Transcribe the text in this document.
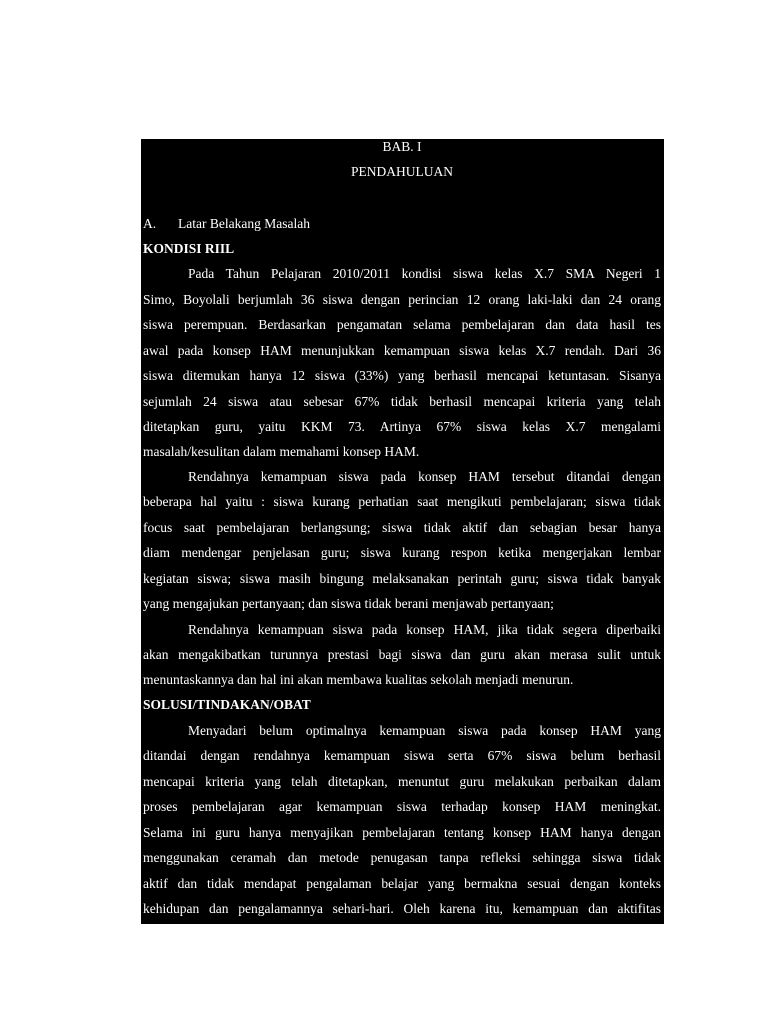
BAB. I
PENDAHULUAN
A. Latar Belakang Masalah
KONDISI RIIL
Pada Tahun Pelajaran 2010/2011 kondisi siswa kelas X.7 SMA Negeri 1
Simo, Boyolali berjumlah 36 siswa dengan perincian 12 orang laki-laki dan 24 orang
siswa perempuan. Berdasarkan pengamatan selama pembelajaran dan data hasil tes
awal pada konsep HAM menunjukkan kemampuan siswa kelas X.7 rendah. Dari 36
siswa ditemukan hanya 12 siswa (33%) yang berhasil mencapai ketuntasan. Sisanya
sejumlah 24 siswa atau sebesar 67% tidak berhasil mencapai kriteria yang telah
ditetapkan guru, yaitu KKM 73. Artinya 67% siswa kelas X.7 mengalami
masalah/kesulitan dalam memahami konsep HAM.
Rendahnya kemampuan siswa pada konsep HAM tersebut ditandai dengan
beberapa hal yaitu : siswa kurang perhatian saat mengikuti pembelajaran; siswa tidak
focus saat pembelajaran berlangsung; siswa tidak aktif dan sebagian besar hanya
diam mendengar penjelasan guru; siswa kurang respon ketika mengerjakan lembar
kegiatan siswa; siswa masih bingung melaksanakan perintah guru; siswa tidak banyak
yang mengajukan pertanyaan; dan siswa tidak berani menjawab pertanyaan;
Rendahnya kemampuan siswa pada konsep HAM, jika tidak segera diperbaiki
akan mengakibatkan turunnya prestasi bagi siswa dan guru akan merasa sulit untuk
menuntaskannya dan hal ini akan membawa kualitas sekolah menjadi menurun.
SOLUSI/TINDAKAN/OBAT
Menyadari belum optimalnya kemampuan siswa pada konsep HAM yang
ditandai dengan rendahnya kemampuan siswa serta 67% siswa belum berhasil
mencapai kriteria yang telah ditetapkan, menuntut guru melakukan perbaikan dalam
proses pembelajaran agar kemampuan siswa terhadap konsep HAM meningkat.
Selama ini guru hanya menyajikan pembelajaran tentang konsep HAM hanya dengan
menggunakan ceramah dan metode penugasan tanpa refleksi sehingga siswa tidak
aktif dan tidak mendapat pengalaman belajar yang bermakna sesuai dengan konteks
kehidupan dan pengalamannya sehari-hari. Oleh karena itu, kemampuan dan aktifitas
